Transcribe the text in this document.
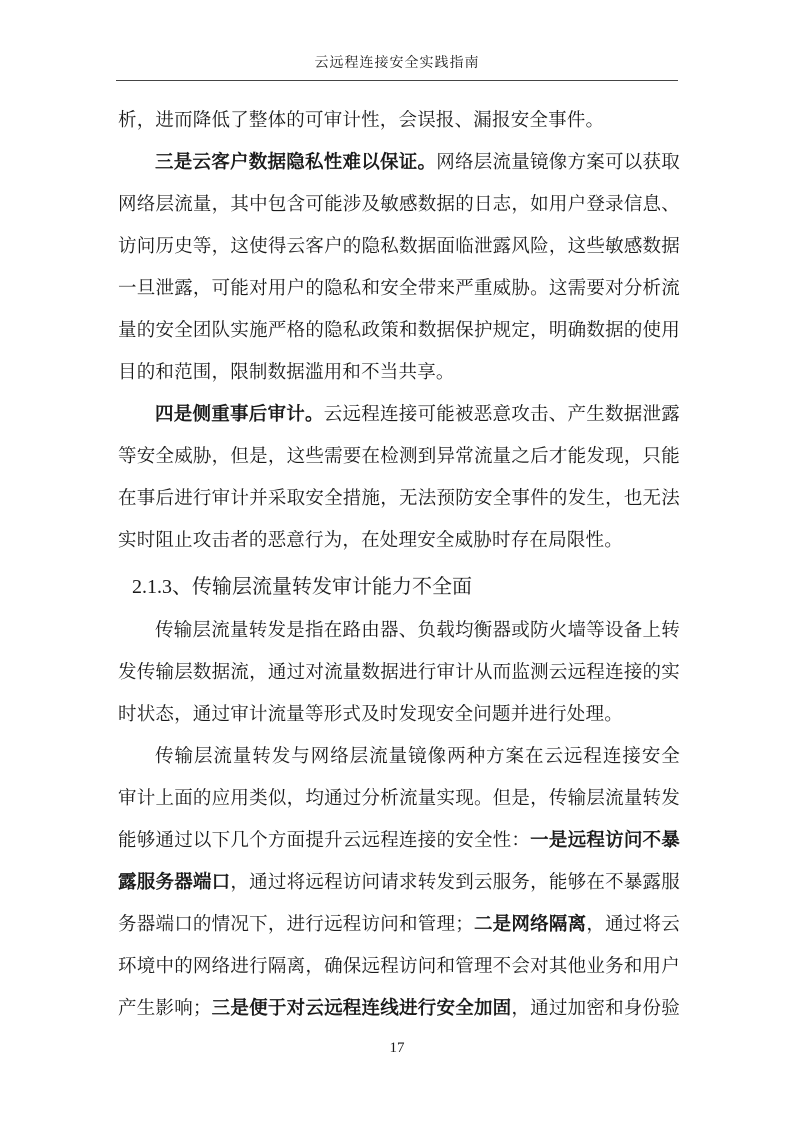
云远程连接安全实践指南
析，进而降低了整体的可审计性，会误报、漏报安全事件。
三是云客户数据隐私性难以保证。网络层流量镜像方案可以获取
网络层流量，其中包含可能涉及敏感数据的日志，如用户登录信息、
访问历史等，这使得云客户的隐私数据面临泄露风险，这些敏感数据
一旦泄露，可能对用户的隐私和安全带来严重威胁。这需要对分析流
量的安全团队实施严格的隐私政策和数据保护规定，明确数据的使用
目的和范围，限制数据滥用和不当共享。
四是侧重事后审计。云远程连接可能被恶意攻击、产生数据泄露
等安全威胁，但是，这些需要在检测到异常流量之后才能发现，只能
在事后进行审计并采取安全措施，无法预防安全事件的发生，也无法
实时阻止攻击者的恶意行为，在处理安全威胁时存在局限性。
2.1.3、传输层流量转发审计能力不全面
传输层流量转发是指在路由器、负载均衡器或防火墙等设备上转
发传输层数据流，通过对流量数据进行审计从而监测云远程连接的实
时状态，通过审计流量等形式及时发现安全问题并进行处理。
传输层流量转发与网络层流量镜像两种方案在云远程连接安全
审计上面的应用类似，均通过分析流量实现。但是，传输层流量转发
能够通过以下几个方面提升云远程连接的安全性：一是远程访问不暴
露服务器端口，通过将远程访问请求转发到云服务，能够在不暴露服
务器端口的情况下，进行远程访问和管理；二是网络隔离，通过将云
环境中的网络进行隔离，确保远程访问和管理不会对其他业务和用户
产生影响；三是便于对云远程连线进行安全加固，通过加密和身份验
17
